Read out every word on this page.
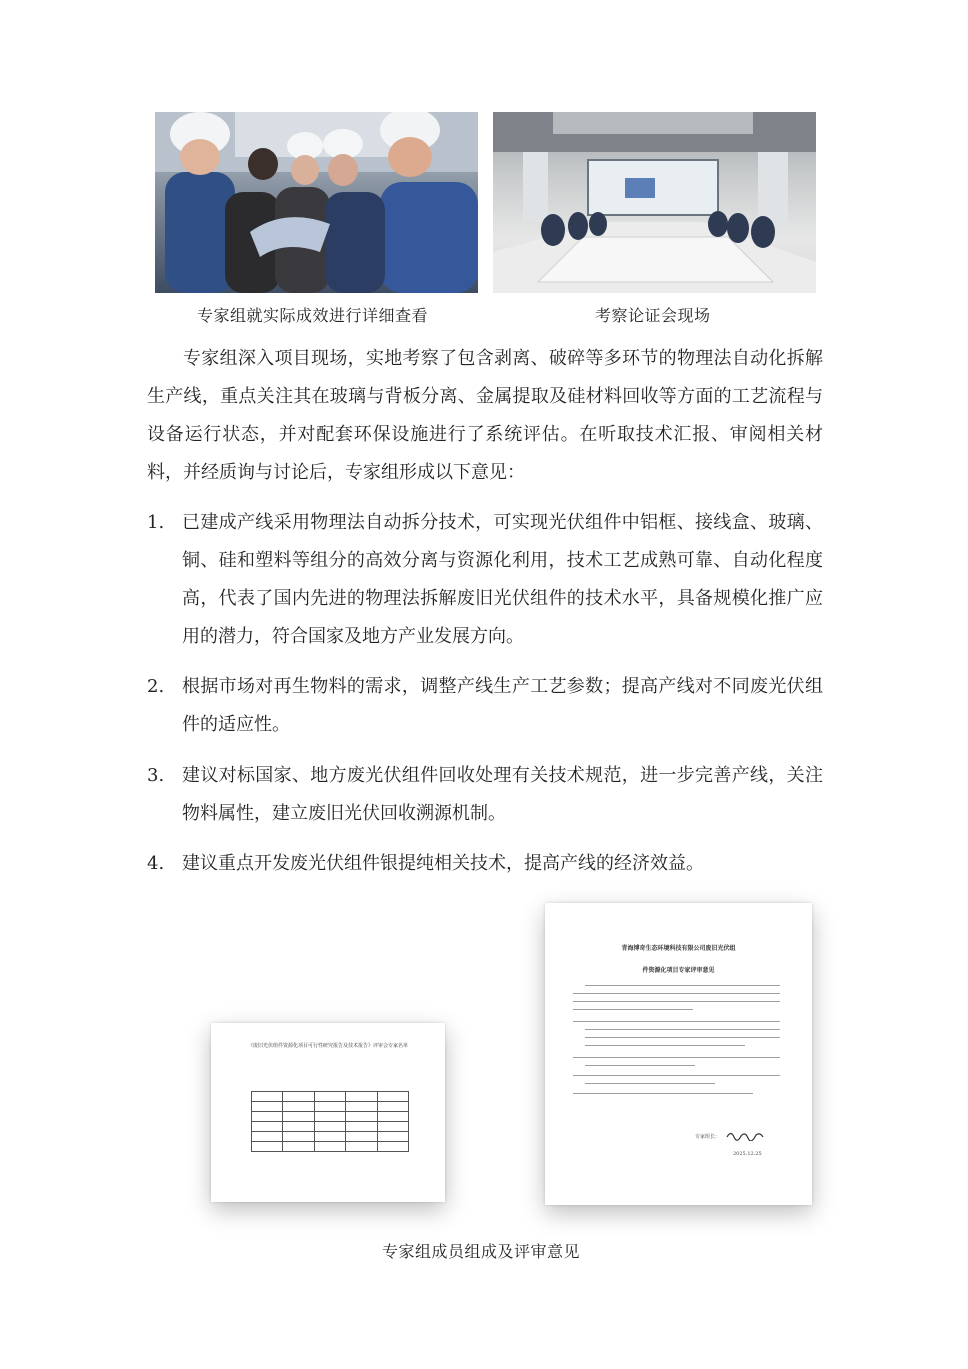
专家组就实际成效进行详细查看	考察论证会现场

专家组深入项目现场，实地考察了包含剥离、破碎等多环节的物理法自动化拆解生产线，重点关注其在玻璃与背板分离、金属提取及硅材料回收等方面的工艺流程与设备运行状态，并对配套环保设施进行了系统评估。在听取技术汇报、审阅相关材料，并经质询与讨论后，专家组形成以下意见：

1. 已建成产线采用物理法自动拆分技术，可实现光伏组件中铝框、接线盒、玻璃、铜、硅和塑料等组分的高效分离与资源化利用，技术工艺成熟可靠、自动化程度高，代表了国内先进的物理法拆解废旧光伏组件的技术水平，具备规模化推广应用的潜力，符合国家及地方产业发展方向。
2. 根据市场对再生物料的需求，调整产线生产工艺参数；提高产线对不同废光伏组件的适应性。
3. 建议对标国家、地方废光伏组件回收处理有关技术规范，进一步完善产线，关注物料属性，建立废旧光伏回收溯源机制。
4. 建议重点开发废光伏组件银提纯相关技术，提高产线的经济效益。
《废旧光伏组件资源化项目可行性研究报告及技术报告》评审会专家名单

青海博奇生态环境科技有限公司废旧光伏组
件资源化项目专家评审意见
专家组长：
2025.12.25
专家组成员组成及评审意见
